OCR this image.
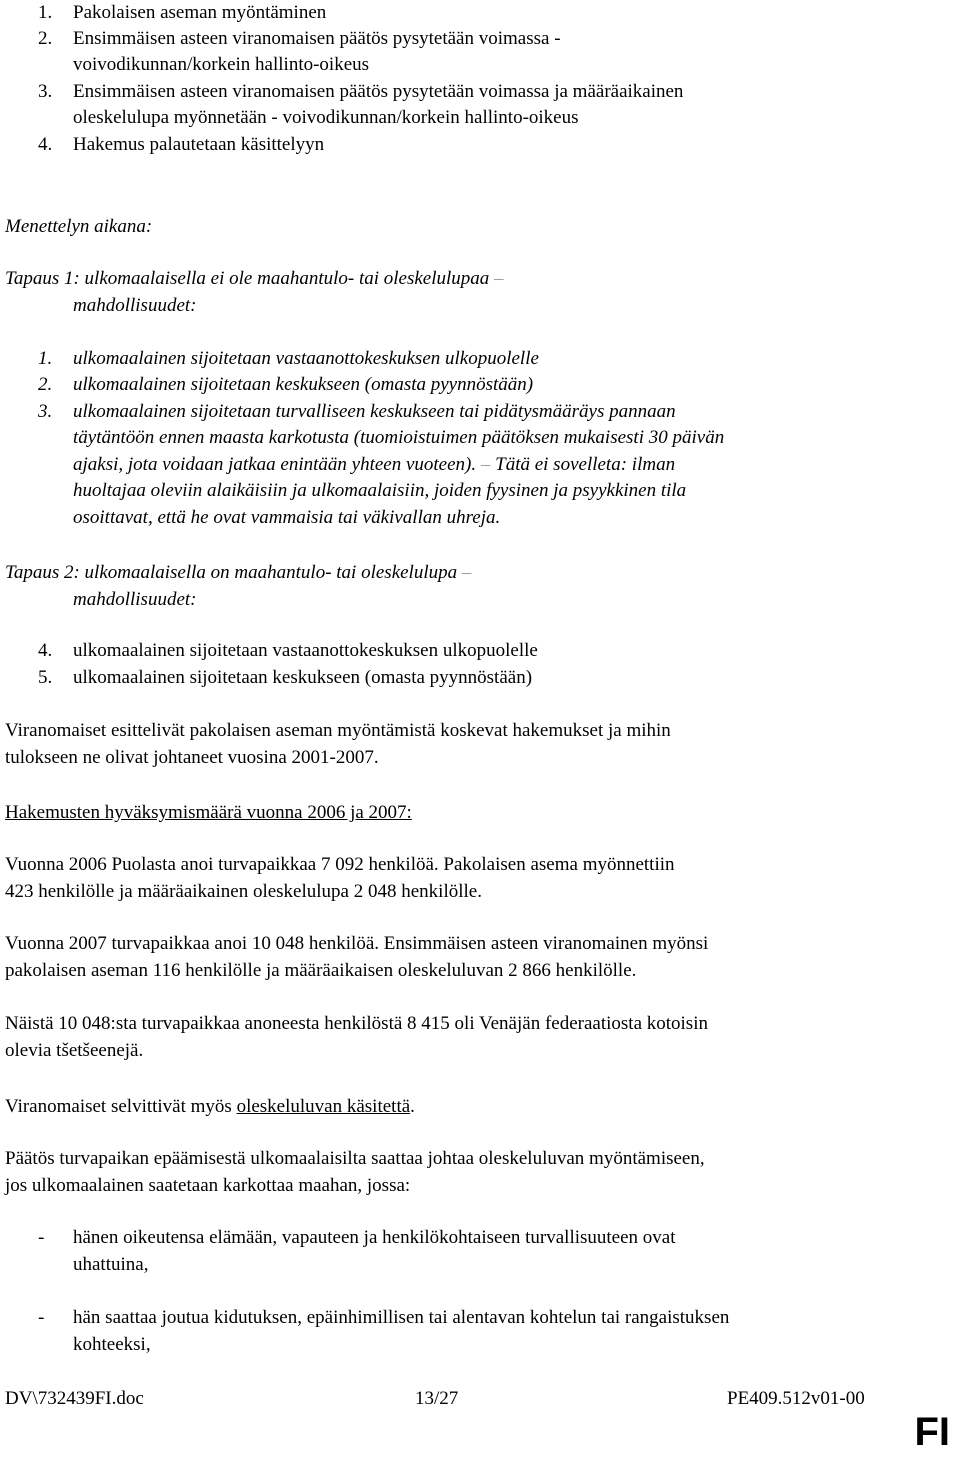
1. Pakolaisen aseman myöntäminen
2. Ensimmäisen asteen viranomaisen päätös pysytetään voimassa -
voivodikunnan/korkein hallinto-oikeus
3. Ensimmäisen asteen viranomaisen päätös pysytetään voimassa ja määräaikainen
oleskelulupa myönnetään - voivodikunnan/korkein hallinto-oikeus
4. Hakemus palautetaan käsittelyyn
Menettelyn aikana:
Tapaus 1: ulkomaalaisella ei ole maahantulo- tai oleskelulupaa –
mahdollisuudet:
1. ulkomaalainen sijoitetaan vastaanottokeskuksen ulkopuolelle
2. ulkomaalainen sijoitetaan keskukseen (omasta pyynnöstään)
3. ulkomaalainen sijoitetaan turvalliseen keskukseen tai pidätysmääräys pannaan
täytäntöön ennen maasta karkotusta (tuomioistuimen päätöksen mukaisesti 30 päivän
ajaksi, jota voidaan jatkaa enintään yhteen vuoteen). – Tätä ei sovelleta: ilman
huoltajaa oleviin alaikäisiin ja ulkomaalaisiin, joiden fyysinen ja psyykkinen tila
osoittavat, että he ovat vammaisia tai väkivallan uhreja.
Tapaus 2: ulkomaalaisella on maahantulo- tai oleskelulupa –
mahdollisuudet:
4. ulkomaalainen sijoitetaan vastaanottokeskuksen ulkopuolelle
5. ulkomaalainen sijoitetaan keskukseen (omasta pyynnöstään)
Viranomaiset esittelivät pakolaisen aseman myöntämistä koskevat hakemukset ja mihin
tulokseen ne olivat johtaneet vuosina 2001-2007.
Hakemusten hyväksymismäärä vuonna 2006 ja 2007:
Vuonna 2006 Puolasta anoi turvapaikkaa 7 092 henkilöä. Pakolaisen asema myönnettiin
423 henkilölle ja määräaikainen oleskelulupa 2 048 henkilölle.
Vuonna 2007 turvapaikkaa anoi 10 048 henkilöä. Ensimmäisen asteen viranomainen myönsi
pakolaisen aseman 116 henkilölle ja määräaikaisen oleskeluluvan 2 866 henkilölle.
Näistä 10 048:sta turvapaikkaa anoneesta henkilöstä 8 415 oli Venäjän federaatiosta kotoisin
olevia tšetšeenejä.
Viranomaiset selvittivät myös oleskeluluvan käsitettä.
Päätös turvapaikan epäämisestä ulkomaalaisilta saattaa johtaa oleskeluluvan myöntämiseen,
jos ulkomaalainen saatetaan karkottaa maahan, jossa:
- hänen oikeutensa elämään, vapauteen ja henkilökohtaiseen turvallisuuteen ovat
uhattuina,
- hän saattaa joutua kidutuksen, epäinhimillisen tai alentavan kohtelun tai rangaistuksen
kohteeksi,
DV\732439FI.doc	13/27	PE409.512v01-00
FI
